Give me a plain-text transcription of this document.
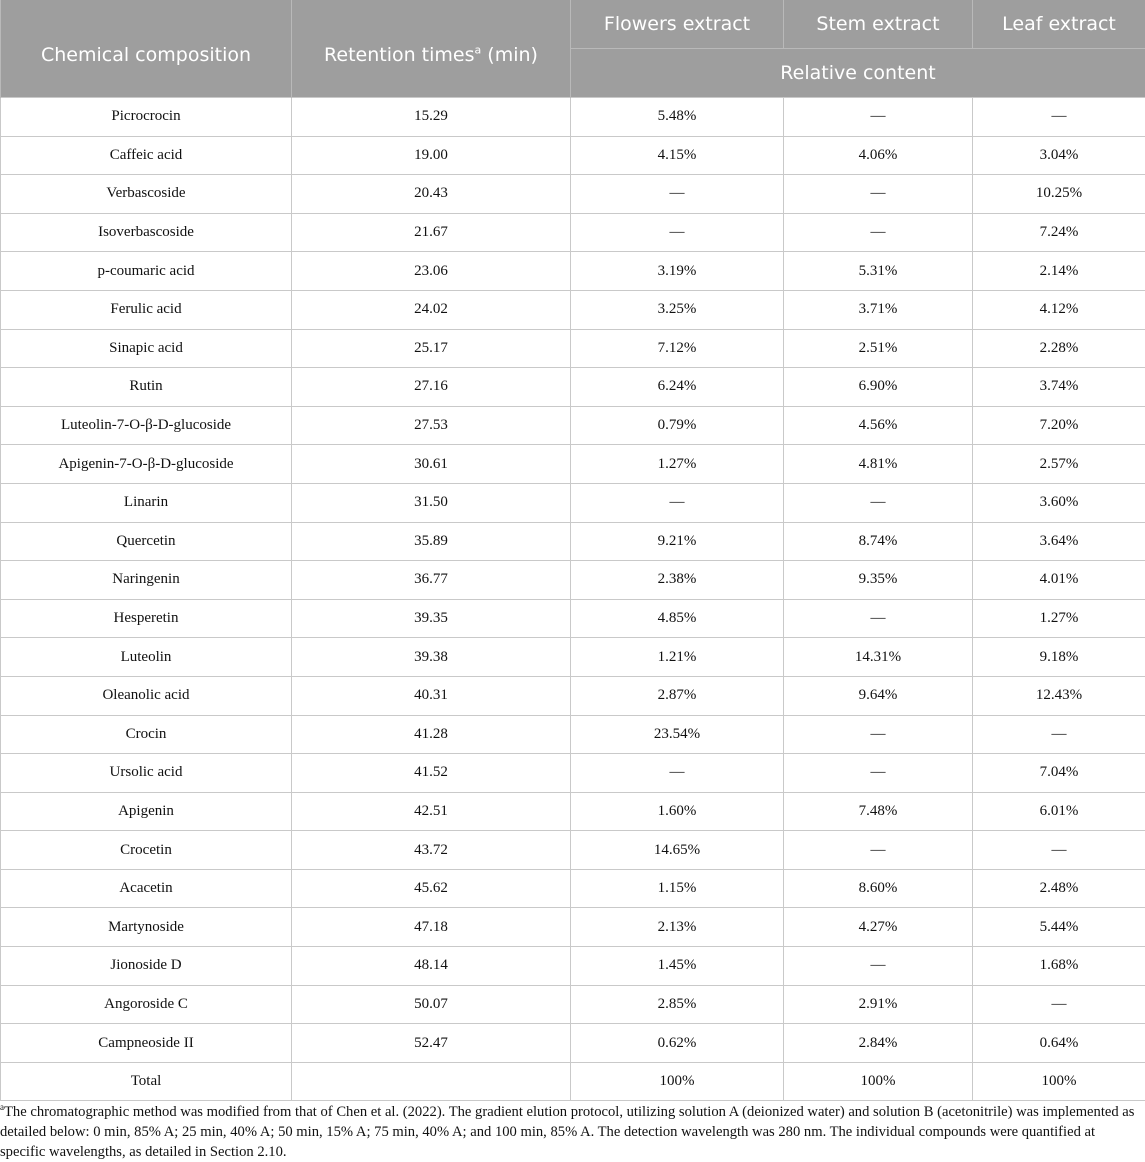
Chemical composition	Retention times$^a$ (min)	Flowers extract	Stem extract	Leaf extract
		Relative content		
Picrocrocin	15.29	5.48%	—	—
Caffeic acid	19.00	4.15%	4.06%	3.04%
Verbascoside	20.43	—	—	10.25%
Isoverbascoside	21.67	—	—	7.24%
p-coumaric acid	23.06	3.19%	5.31%	2.14%
Ferulic acid	24.02	3.25%	3.71%	4.12%
Sinapic acid	25.17	7.12%	2.51%	2.28%
Rutin	27.16	6.24%	6.90%	3.74%
Luteolin-7-O-β-D-glucoside	27.53	0.79%	4.56%	7.20%
Apigenin-7-O-β-D-glucoside	30.61	1.27%	4.81%	2.57%
Linarin	31.50	—	—	3.60%
Quercetin	35.89	9.21%	8.74%	3.64%
Naringenin	36.77	2.38%	9.35%	4.01%
Hesperetin	39.35	4.85%	—	1.27%
Luteolin	39.38	1.21%	14.31%	9.18%
Oleanolic acid	40.31	2.87%	9.64%	12.43%
Crocin	41.28	23.54%	—	—
Ursolic acid	41.52	—	—	7.04%
Apigenin	42.51	1.60%	7.48%	6.01%
Crocetin	43.72	14.65%	—	—
Acacetin	45.62	1.15%	8.60%	2.48%
Martynoside	47.18	2.13%	4.27%	5.44%
Jionoside D	48.14	1.45%	—	1.68%
Angoroside C	50.07	2.85%	2.91%	—
Campneoside II	52.47	0.62%	2.84%	0.64%
Total		100%	100%	100%
$^a$The chromatographic method was modified from that of Chen et al. (2022). The gradient elution protocol, utilizing solution A (deionized water) and solution B (acetonitrile) was implemented as detailed below: 0 min, 85% A; 25 min, 40% A; 50 min, 15% A; 75 min, 40% A; and 100 min, 85% A. The detection wavelength was 280 nm. The individual compounds were quantified at specific wavelengths, as detailed in Section 2.10.
